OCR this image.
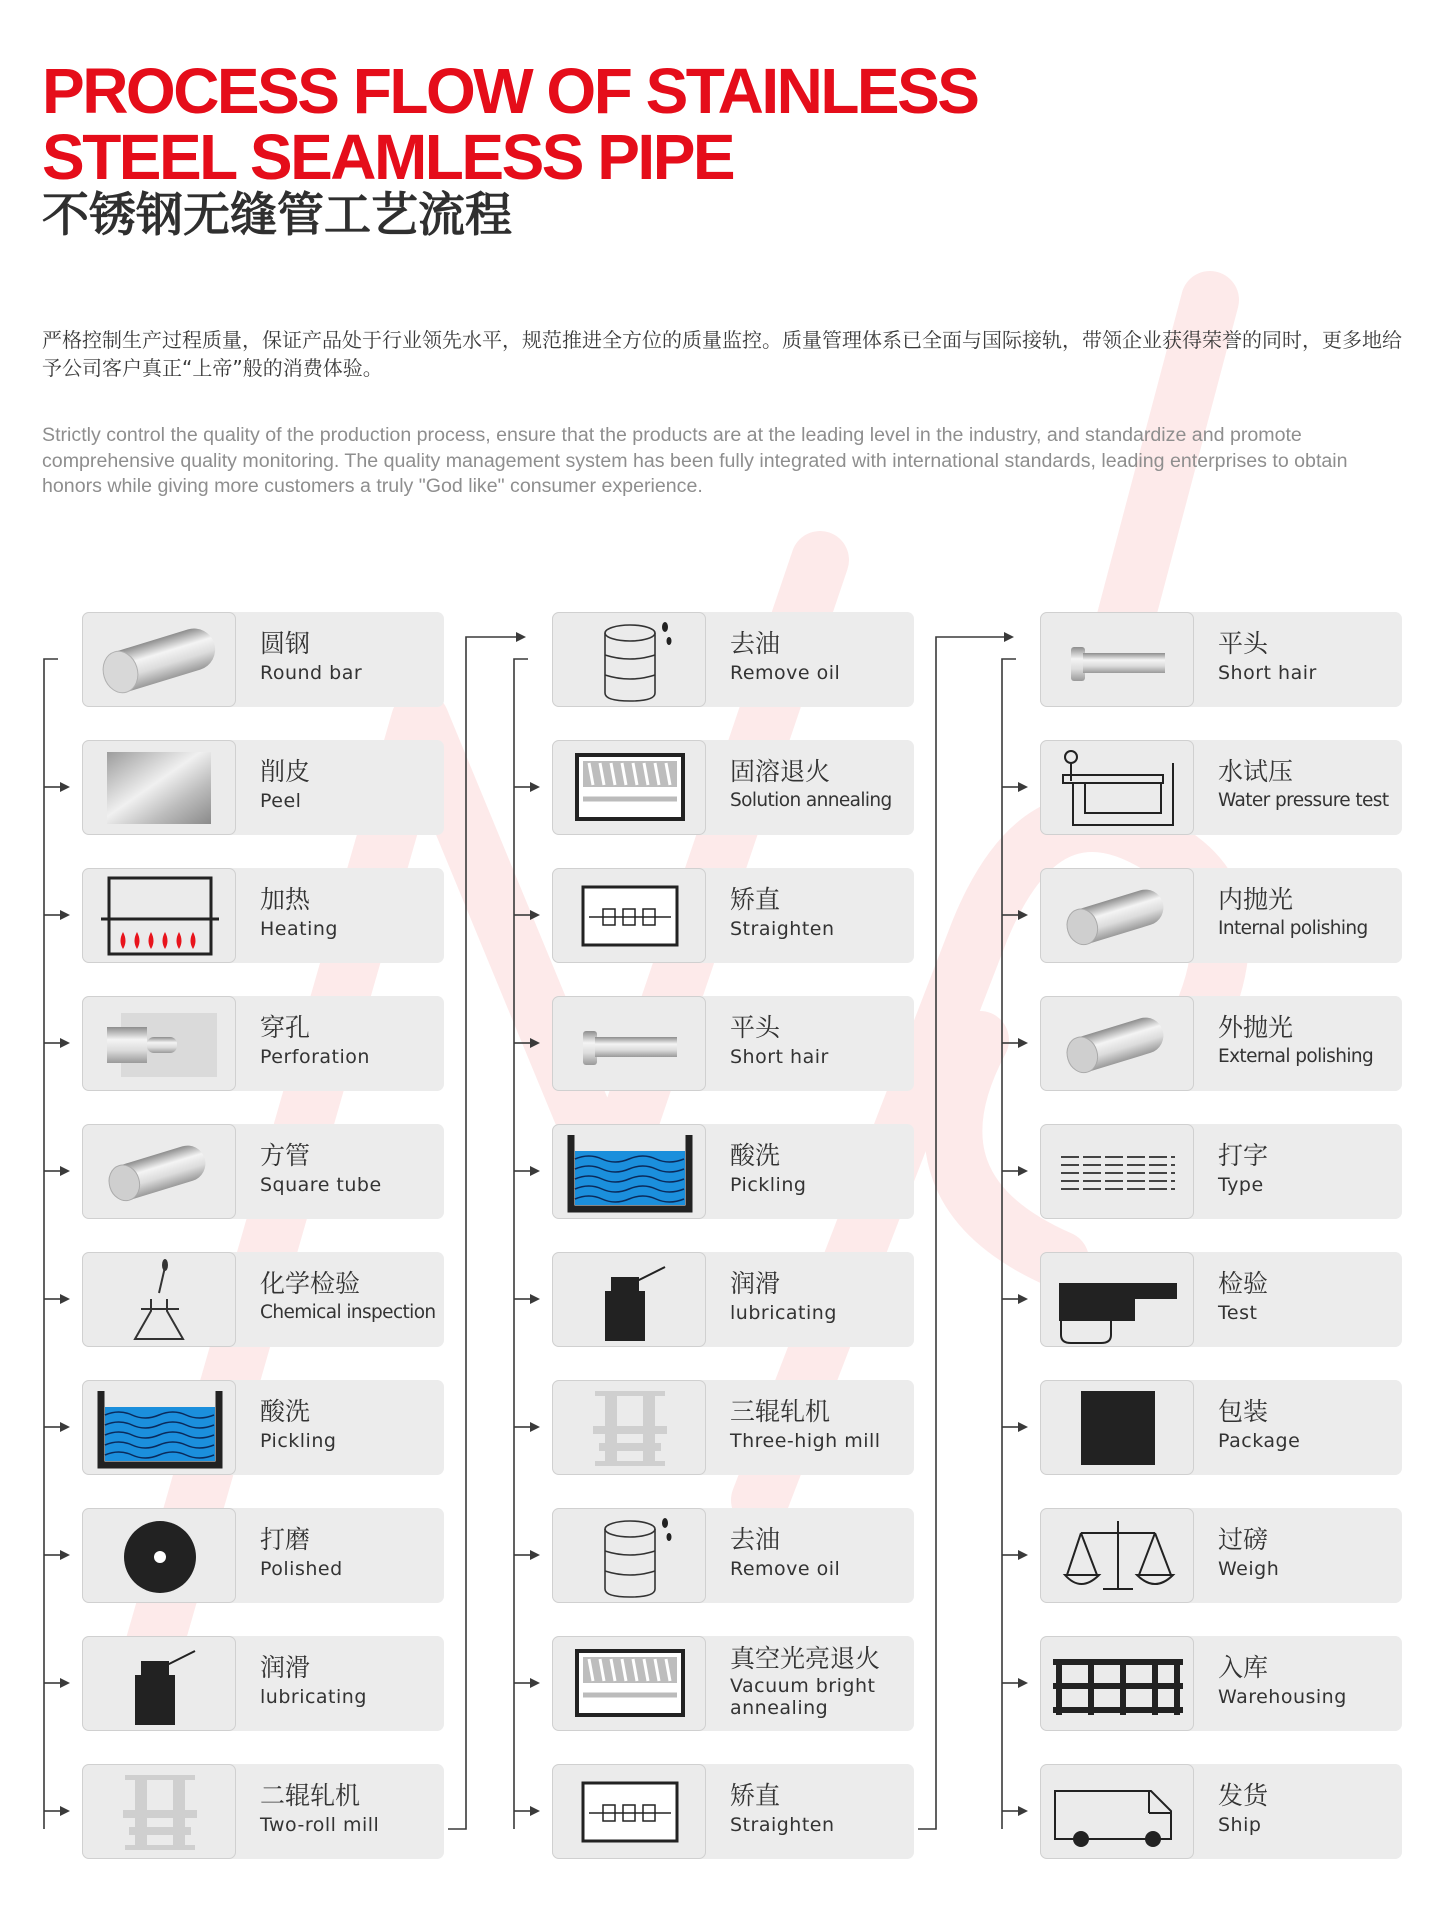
PROCESS FLOW OF STAINLESS
STEEL SEAMLESS PIPE
不锈钢无缝管工艺流程

严格控制生产过程质量，保证产品处于行业领先水平，规范推进全方位的质量监控。质量管理体系已全面与国际接轨，带领企业获得荣誉的同时，更多地给予公司客户真正“上帝”般的消费体验。

Strictly control the quality of the production process, ensure that the products are at the leading level in the industry, and standardize and promote comprehensive quality monitoring. The quality management system has been fully integrated with international standards, leading enterprises to obtain honors while giving more customers a truly "God like" consumer experience.

圆钢
Round bar
削皮
Peel
加热
Heating
穿孔
Perforation
方管
Square tube
化学检验
Chemical inspection
酸洗
Pickling
打磨
Polished
润滑
lubricating
二辊轧机
Two-roll mill
去油
Remove oil
固溶退火
Solution annealing
矫直
Straighten
平头
Short hair
酸洗
Pickling
润滑
lubricating
三辊轧机
Three-high mill
去油
Remove oil
真空光亮退火
Vacuum bright annealing
矫直
Straighten
平头
Short hair
水试压
Water pressure test
内抛光
Internal polishing
外抛光
External polishing
打字
Type
检验
Test
包装
Package
过磅
Weigh
入库
Warehousing
发货
Ship
